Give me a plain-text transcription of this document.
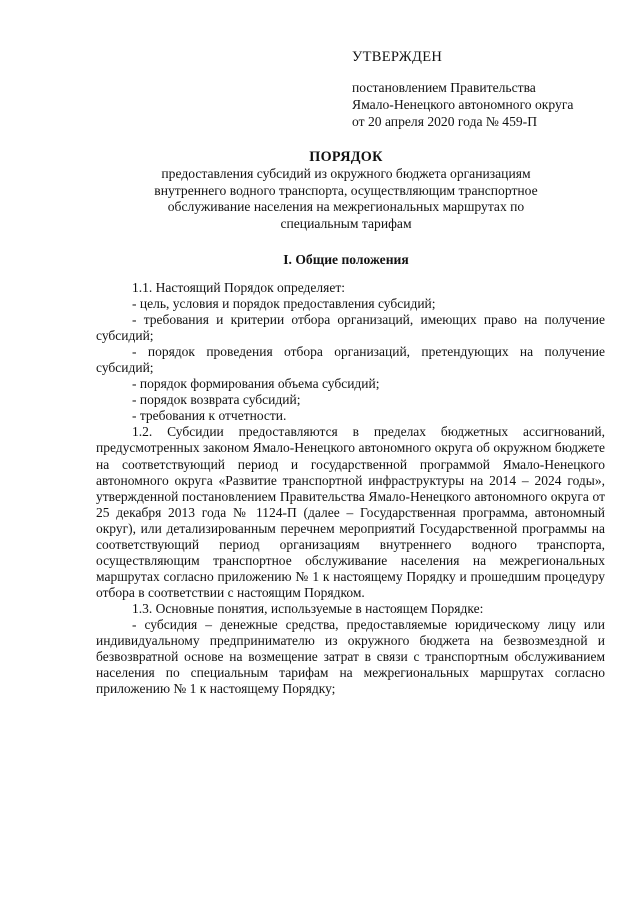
УТВЕРЖДЕН
постановлением Правительства
Ямало-Ненецкого автономного округа
от 20 апреля 2020 года № 459-П
ПОРЯДОК
предоставления субсидий из окружного бюджета организациям
внутреннего водного транспорта, осуществляющим транспортное
обслуживание населения на межрегиональных маршрутах по
специальным тарифам
I. Общие положения

1.1. Настоящий Порядок определяет:

- цель, условия и порядок предоставления субсидий;

- требования и критерии отбора организаций, имеющих право на получение субсидий;

- порядок проведения отбора организаций, претендующих на получение субсидий;

- порядок формирования объема субсидий;

- порядок возврата субсидий;

- требования к отчетности.

1.2. Субсидии предоставляются в пределах бюджетных ассигнований, предусмотренных законом Ямало-Ненецкого автономного округа об окружном бюджете на соответствующий период и государственной программой Ямало-Ненецкого автономного округа «Развитие транспортной инфраструктуры на 2014 – 2024 годы», утвержденной постановлением Правительства Ямало-Ненецкого автономного округа от 25 декабря 2013 года № 1124-П (далее – Государственная программа, автономный округ), или детализированным перечнем мероприятий Государственной программы на соответствующий период организациям внутреннего водного транспорта, осуществляющим транспортное обслуживание населения на межрегиональных маршрутах согласно приложению № 1 к настоящему Порядку и прошедшим процедуру отбора в соответствии с настоящим Порядком.

1.3. Основные понятия, используемые в настоящем Порядке:

- субсидия – денежные средства, предоставляемые юридическому лицу или индивидуальному предпринимателю из окружного бюджета на безвозмездной и безвозвратной основе на возмещение затрат в связи с транспортным обслуживанием населения по специальным тарифам на межрегиональных маршрутах согласно приложению № 1 к настоящему Порядку;
